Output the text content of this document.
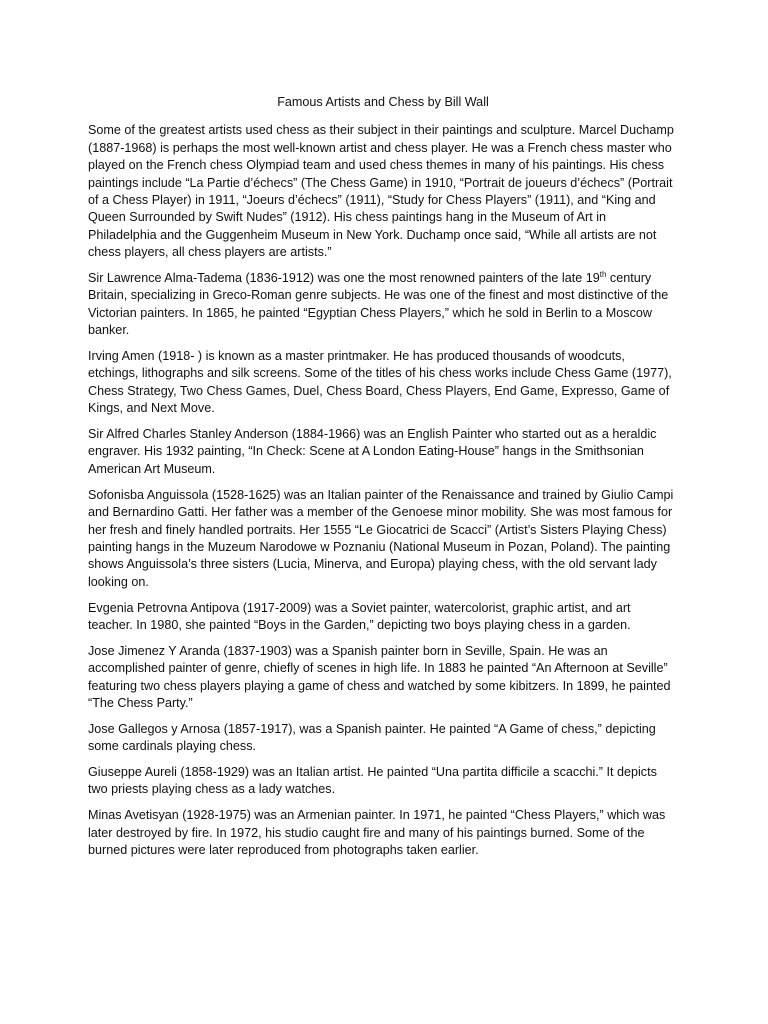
Famous Artists and Chess by Bill Wall

Some of the greatest artists used chess as their subject in their paintings and sculpture. Marcel Duchamp (1887-1968) is perhaps the most well-known artist and chess player. He was a French chess master who played on the French chess Olympiad team and used chess themes in many of his paintings. His chess paintings include “La Partie d’échecs” (The Chess Game) in 1910, “Portrait de joueurs d’échecs” (Portrait of a Chess Player) in 1911, “Joeurs d’échecs” (1911), “Study for Chess Players” (1911), and “King and Queen Surrounded by Swift Nudes” (1912). His chess paintings hang in the Museum of Art in Philadelphia and the Guggenheim Museum in New York. Duchamp once said, “While all artists are not chess players, all chess players are artists.”

Sir Lawrence Alma-Tadema (1836-1912) was one the most renowned painters of the late 19th century Britain, specializing in Greco-Roman genre subjects. He was one of the finest and most distinctive of the Victorian painters. In 1865, he painted “Egyptian Chess Players,” which he sold in Berlin to a Moscow banker.

Irving Amen (1918- ) is known as a master printmaker. He has produced thousands of woodcuts, etchings, lithographs and silk screens. Some of the titles of his chess works include Chess Game (1977), Chess Strategy, Two Chess Games, Duel, Chess Board, Chess Players, End Game, Expresso, Game of Kings, and Next Move.

Sir Alfred Charles Stanley Anderson (1884-1966) was an English Painter who started out as a heraldic engraver. His 1932 painting, “In Check: Scene at A London Eating-House” hangs in the Smithsonian American Art Museum.

Sofonisba Anguissola (1528-1625) was an Italian painter of the Renaissance and trained by Giulio Campi and Bernardino Gatti. Her father was a member of the Genoese minor mobility. She was most famous for her fresh and finely handled portraits. Her 1555 “Le Giocatrici de Scacci” (Artist’s Sisters Playing Chess) painting hangs in the Muzeum Narodowe w Poznaniu (National Museum in Pozan, Poland). The painting shows Anguissola’s three sisters (Lucia, Minerva, and Europa) playing chess, with the old servant lady looking on.

Evgenia Petrovna Antipova (1917-2009) was a Soviet painter, watercolorist, graphic artist, and art teacher. In 1980, she painted “Boys in the Garden,” depicting two boys playing chess in a garden.

Jose Jimenez Y Aranda (1837-1903) was a Spanish painter born in Seville, Spain. He was an accomplished painter of genre, chiefly of scenes in high life. In 1883 he painted “An Afternoon at Seville” featuring two chess players playing a game of chess and watched by some kibitzers. In 1899, he painted “The Chess Party.”

Jose Gallegos y Arnosa (1857-1917), was a Spanish painter. He painted “A Game of chess,” depicting some cardinals playing chess.

Giuseppe Aureli (1858-1929) was an Italian artist. He painted “Una partita difficile a scacchi.” It depicts two priests playing chess as a lady watches.

Minas Avetisyan (1928-1975) was an Armenian painter. In 1971, he painted “Chess Players,” which was later destroyed by fire. In 1972, his studio caught fire and many of his paintings burned. Some of the burned pictures were later reproduced from photographs taken earlier.
